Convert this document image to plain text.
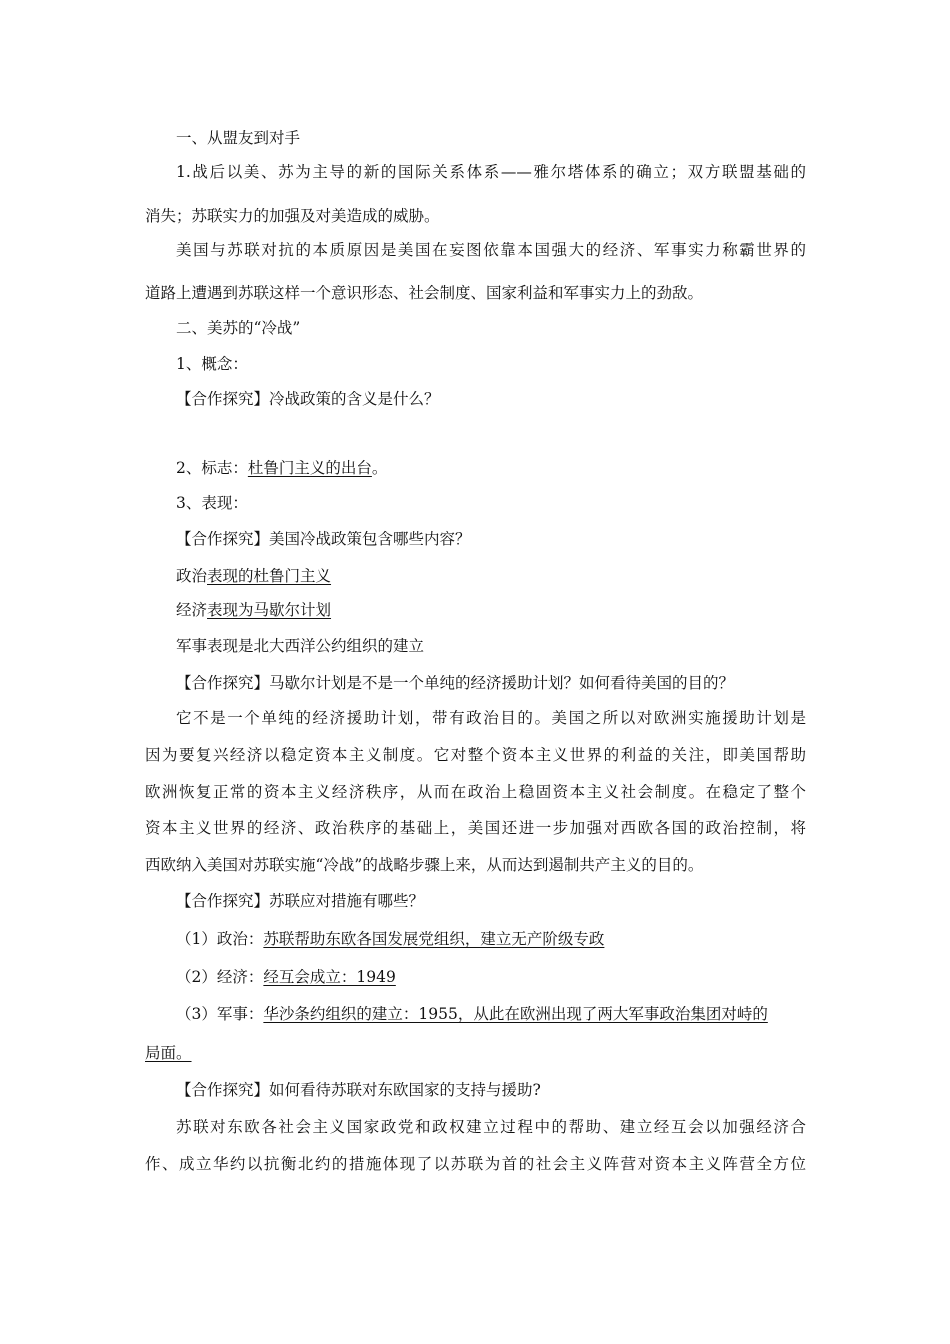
一、从盟友到对手
1.战后以美、苏为主导的新的国际关系体系——雅尔塔体系的确立；双方联盟基础的
消失；苏联实力的加强及对美造成的威胁。
美国与苏联对抗的本质原因是美国在妄图依靠本国强大的经济、军事实力称霸世界的
道路上遭遇到苏联这样一个意识形态、社会制度、国家利益和军事实力上的劲敌。
二、美苏的“冷战”
1、概念：
【合作探究】冷战政策的含义是什么？
2、标志：杜鲁门主义的出台。
3、表现：
【合作探究】美国冷战政策包含哪些内容？
政治表现的杜鲁门主义
经济表现为马歇尔计划
军事表现是北大西洋公约组织的建立
【合作探究】马歇尔计划是不是一个单纯的经济援助计划？如何看待美国的目的？
它不是一个单纯的经济援助计划，带有政治目的。美国之所以对欧洲实施援助计划是
因为要复兴经济以稳定资本主义制度。它对整个资本主义世界的利益的关注，即美国帮助
欧洲恢复正常的资本主义经济秩序，从而在政治上稳固资本主义社会制度。在稳定了整个
资本主义世界的经济、政治秩序的基础上，美国还进一步加强对西欧各国的政治控制，将
西欧纳入美国对苏联实施“冷战”的战略步骤上来，从而达到遏制共产主义的目的。
【合作探究】苏联应对措施有哪些？
（1）政治：苏联帮助东欧各国发展党组织，建立无产阶级专政
（2）经济：经互会成立：1949
（3）军事：华沙条约组织的建立：1955，从此在欧洲出现了两大军事政治集团对峙的
局面。
【合作探究】如何看待苏联对东欧国家的支持与援助?
苏联对东欧各社会主义国家政党和政权建立过程中的帮助、建立经互会以加强经济合
作、成立华约以抗衡北约的措施体现了以苏联为首的社会主义阵营对资本主义阵营全方位
